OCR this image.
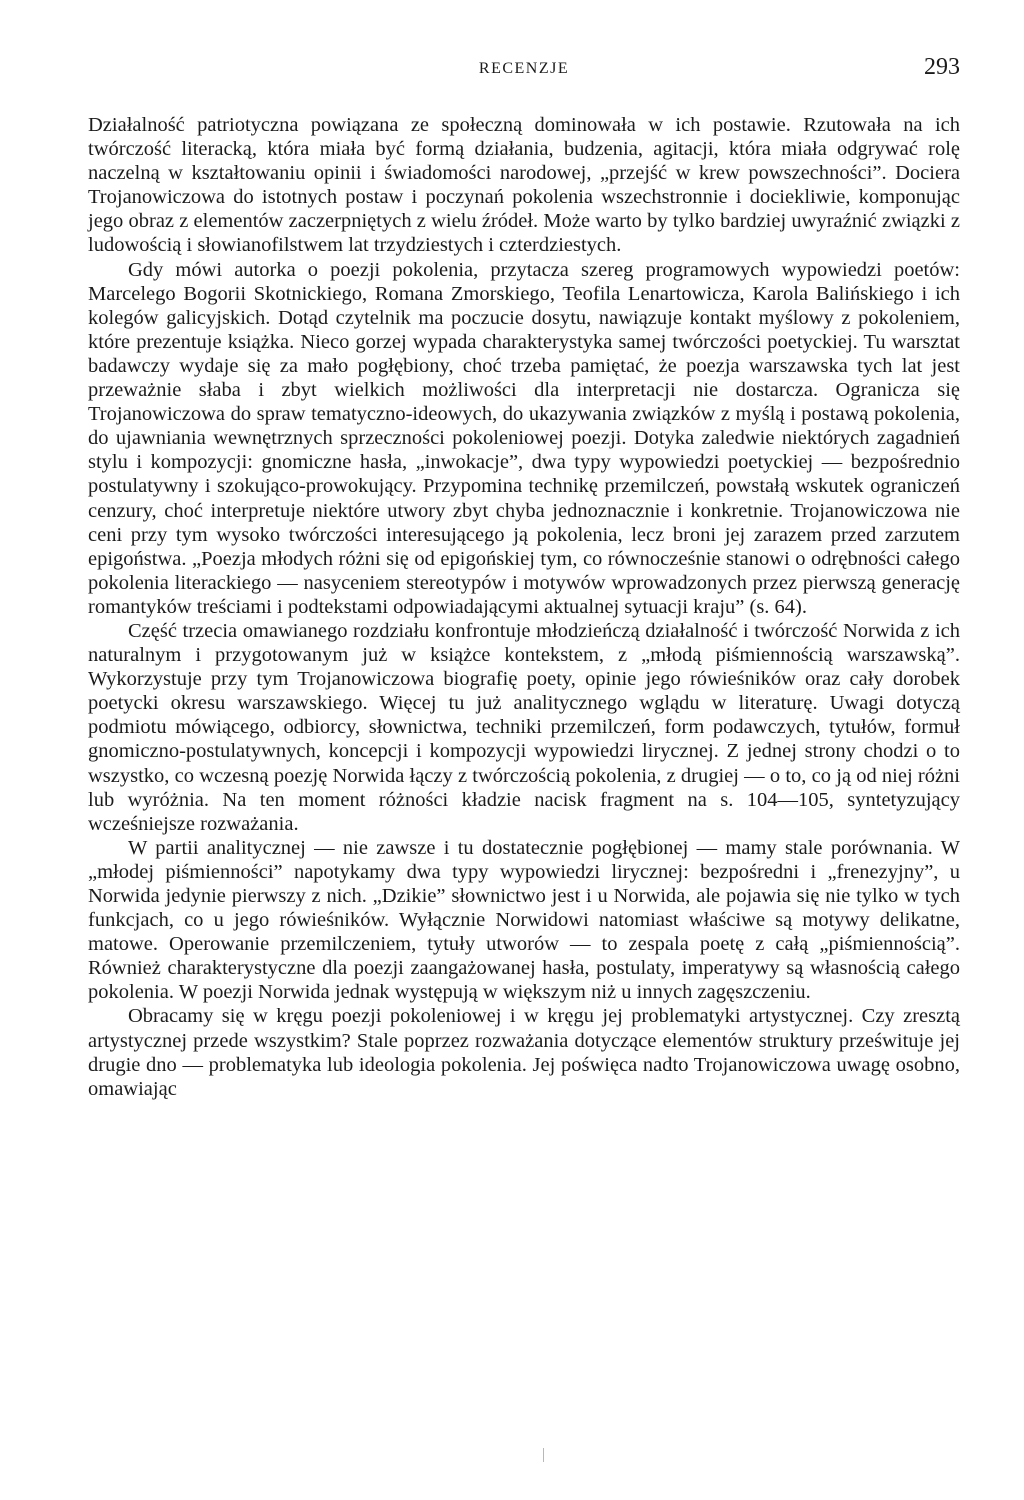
RECENZJE	293

Działalność patriotyczna powiązana ze społeczną dominowała w ich postawie. Rzutowała na ich twórczość literacką, która miała być formą działania, budzenia, agitacji, która miała odgrywać rolę naczelną w kształtowaniu opinii i świadomości narodowej, „przejść w krew powszechności”. Dociera Trojanowiczowa do istotnych postaw i poczynań pokolenia wszechstronnie i dociekliwie, komponując jego obraz z elementów zaczerpniętych z wielu źródeł. Może warto by tylko bardziej uwyraźnić związki z ludowością i słowianofilstwem lat trzydziestych i czterdziestych.

Gdy mówi autorka o poezji pokolenia, przytacza szereg programowych wypowiedzi poetów: Marcelego Bogorii Skotnickiego, Romana Zmorskiego, Teofila Lenartowicza, Karola Balińskiego i ich kolegów galicyjskich. Dotąd czytelnik ma poczucie dosytu, nawiązuje kontakt myślowy z pokoleniem, które prezentuje książka. Nieco gorzej wypada charakterystyka samej twórczości poetyckiej. Tu warsztat badawczy wydaje się za mało pogłębiony, choć trzeba pamiętać, że poezja warszawska tych lat jest przeważnie słaba i zbyt wielkich możliwości dla interpretacji nie dostarcza. Ogranicza się Trojanowiczowa do spraw tematyczno-ideowych, do ukazywania związków z myślą i postawą pokolenia, do ujawniania wewnętrznych sprzeczności pokoleniowej poezji. Dotyka zaledwie niektórych zagadnień stylu i kompozycji: gnomiczne hasła, „inwokacje”, dwa typy wypowiedzi poetyckiej — bezpośrednio postulatywny i szokująco-prowokujący. Przypomina technikę przemilczeń, powstałą wskutek ograniczeń cenzury, choć interpretuje niektóre utwory zbyt chyba jednoznacznie i konkretnie. Trojanowiczowa nie ceni przy tym wysoko twórczości interesującego ją pokolenia, lecz broni jej zarazem przed zarzutem epigoństwa. „Poezja młodych różni się od epigońskiej tym, co równocześnie stanowi o odrębności całego pokolenia literackiego — nasyceniem stereotypów i motywów wprowadzonych przez pierwszą generację romantyków treściami i podtekstami odpowiadającymi aktualnej sytuacji kraju” (s. 64).

Część trzecia omawianego rozdziału konfrontuje młodzieńczą działalność i twórczość Norwida z ich naturalnym i przygotowanym już w książce kontekstem, z „młodą piśmiennością warszawską”. Wykorzystuje przy tym Trojanowiczowa biografię poety, opinie jego rówieśników oraz cały dorobek poetycki okresu warszawskiego. Więcej tu już analitycznego wglądu w literaturę. Uwagi dotyczą podmiotu mówiącego, odbiorcy, słownictwa, techniki przemilczeń, form podawczych, tytułów, formuł gnomiczno-postulatywnych, koncepcji i kompozycji wypowiedzi lirycznej. Z jednej strony chodzi o to wszystko, co wczesną poezję Norwida łączy z twórczością pokolenia, z drugiej — o to, co ją od niej różni lub wyróżnia. Na ten moment różności kładzie nacisk fragment na s. 104—105, syntetyzujący wcześniejsze rozważania.

W partii analitycznej — nie zawsze i tu dostatecznie pogłębionej — mamy stale porównania. W „młodej piśmienności” napotykamy dwa typy wypowiedzi lirycznej: bezpośredni i „frenezyjny”, u Norwida jedynie pierwszy z nich. „Dzikie” słownictwo jest i u Norwida, ale pojawia się nie tylko w tych funkcjach, co u jego rówieśników. Wyłącznie Norwidowi natomiast właściwe są motywy delikatne, matowe. Operowanie przemilczeniem, tytuły utworów — to zespala poetę z całą „piśmiennością”. Również charakterystyczne dla poezji zaangażowanej hasła, postulaty, imperatywy są własnością całego pokolenia. W poezji Norwida jednak występują w większym niż u innych zagęszczeniu.

Obracamy się w kręgu poezji pokoleniowej i w kręgu jej problematyki artystycznej. Czy zresztą artystycznej przede wszystkim? Stale poprzez rozważania dotyczące elementów struktury prześwituje jej drugie dno — problematyka lub ideologia pokolenia. Jej poświęca nadto Trojanowiczowa uwagę osobno, omawiając
